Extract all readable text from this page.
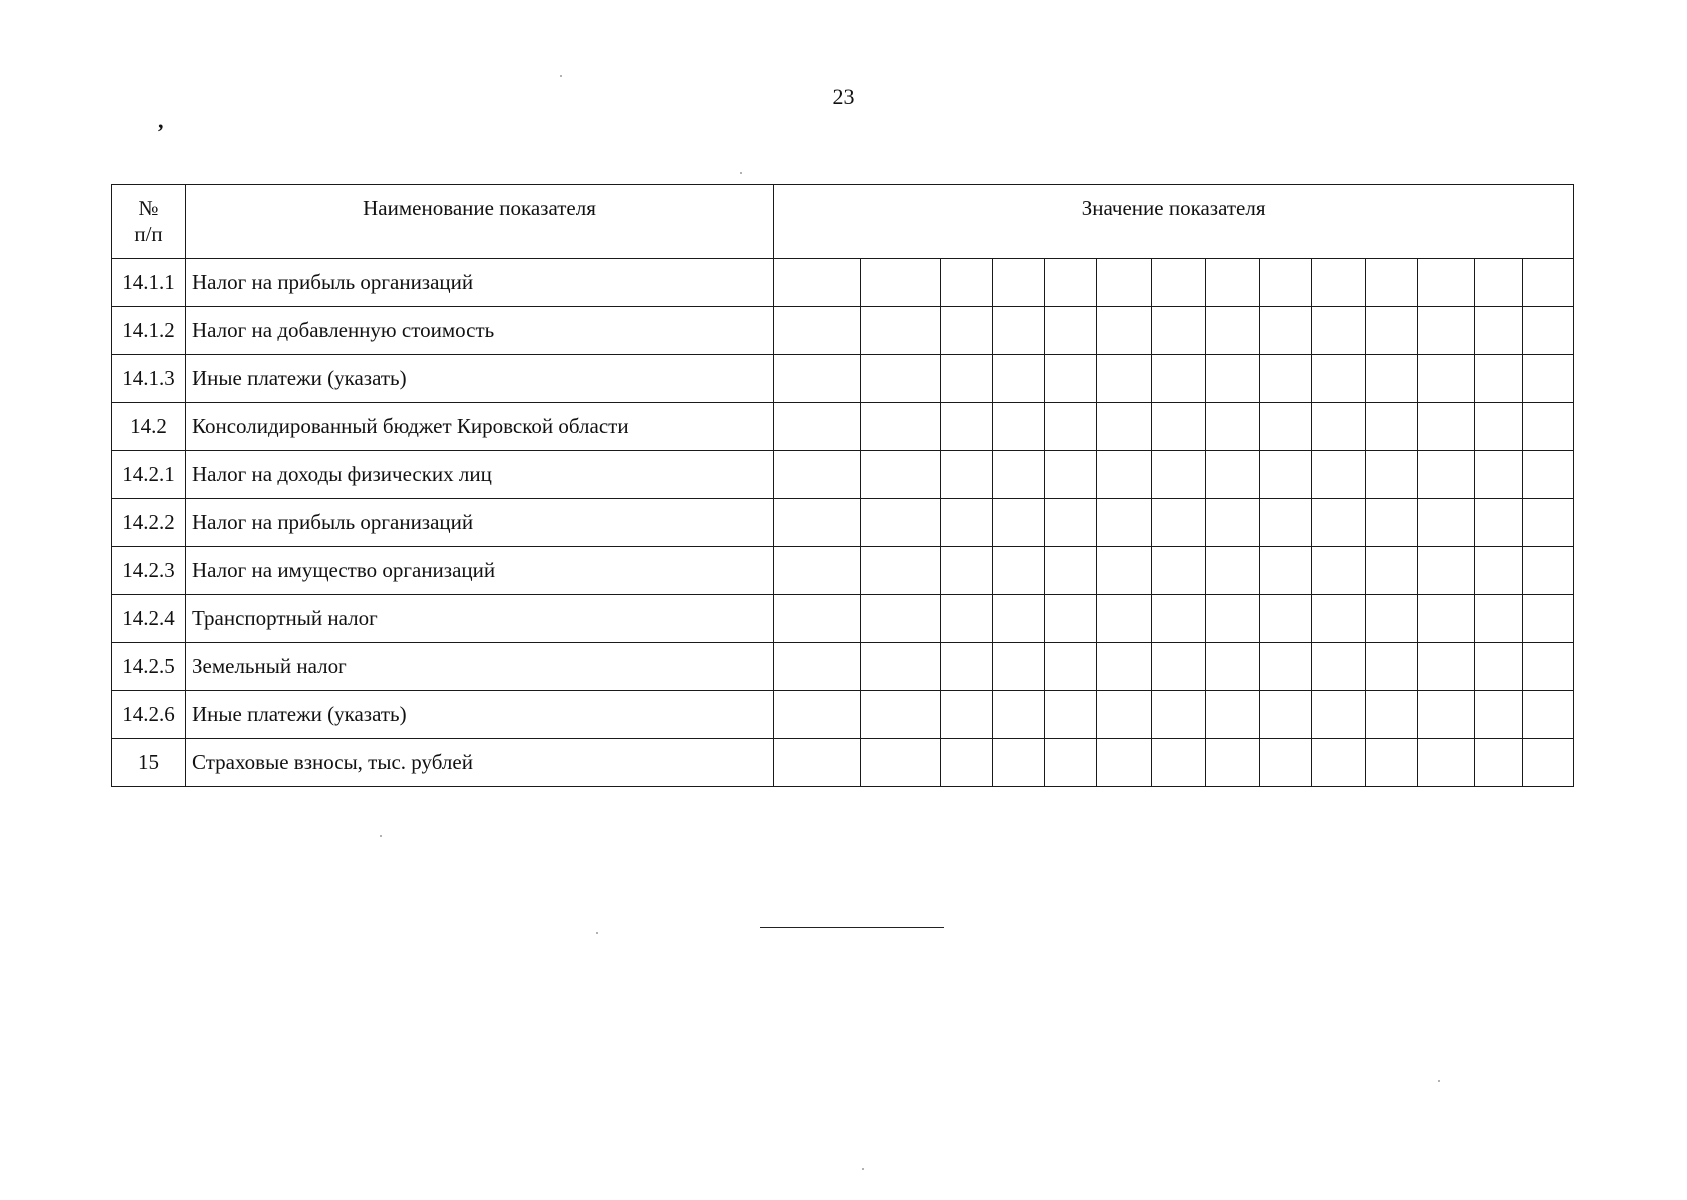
23
,
№
п/п	Наименование показателя	Значение показателя													
14.1.1	Налог на прибыль организаций														
14.1.2	Налог на добавленную стоимость														
14.1.3	Иные платежи (указать)														
14.2	Консолидированный бюджет Кировской области														
14.2.1	Налог на доходы физических лиц														
14.2.2	Налог на прибыль организаций														
14.2.3	Налог на имущество организаций														
14.2.4	Транспортный налог														
14.2.5	Земельный налог														
14.2.6	Иные платежи (указать)														
15	Страховые взносы, тыс. рублей														
